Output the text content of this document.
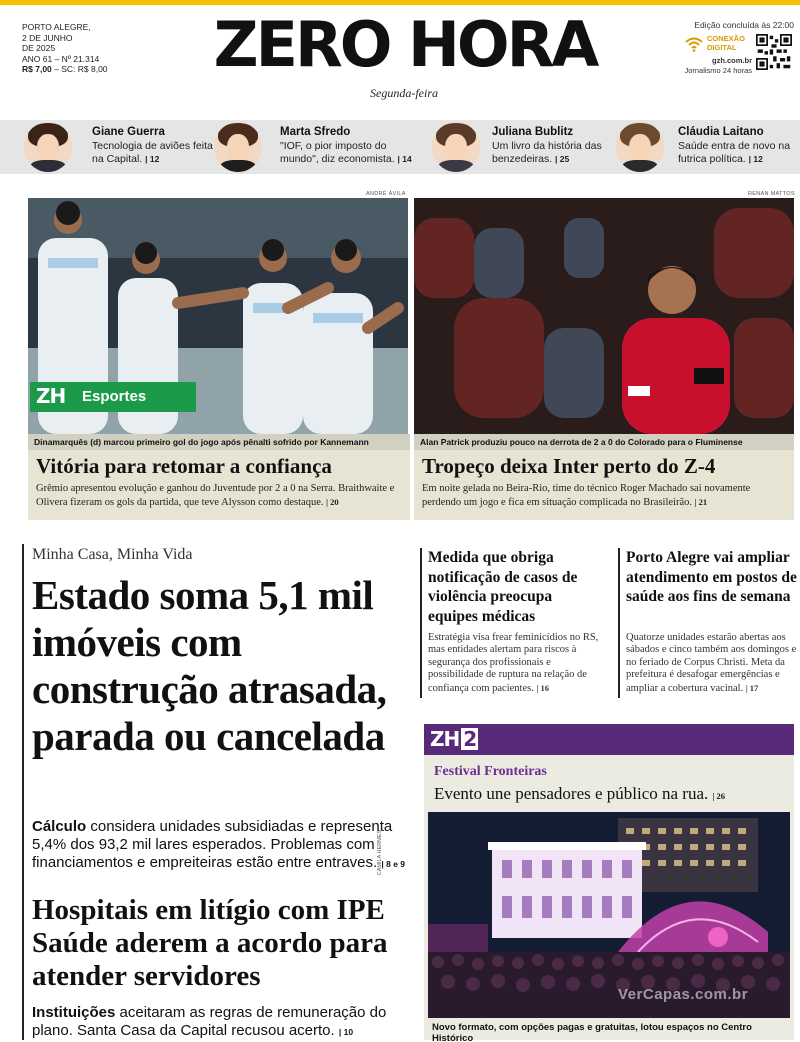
PORTO ALEGRE,
2 DE JUNHO
DE 2025
ANO 61 – Nº 21.314
R$ 7,00 – SC: R$ 8,00	ZERO HORA
Segunda-feira
Edição concluída às 22:00
CONEXÃO
DIGITAL
gzh.com.br
Jornalismo 24 horas
Giane Guerra
Tecnologia de aviões feita na Capital. | 12
Marta Sfredo
"IOF, o pior imposto do mundo", diz economista. | 14
Juliana Bublitz
Um livro da história das benzedeiras. | 25
Cláudia Laitano
Saúde entra de novo na futrica política. | 12
ANDRÉ ÁVILA	RENAN MATTOS
ZH Esportes
Dinamarquês (d) marcou primeiro gol do jogo após pênalti sofrido por Kannemann	Alan Patrick produziu pouco na derrota de 2 a 0 do Colorado para o Fluminense
Vitória para retomar a confiança
Grêmio apresentou evolução e ganhou do Juventude por 2 a 0 na Serra. Braithwaite e Olivera fizeram os gols da partida, que teve Alysson como destaque. | 20
Tropeço deixa Inter perto do Z-4
Em noite gelada no Beira-Rio, time do técnico Roger Machado sai novamente perdendo um jogo e fica em situação complicada no Brasileirão. | 21
Minha Casa, Minha Vida
Estado soma 5,1 mil imóveis com construção atrasada, parada ou cancelada
Cálculo considera unidades subsidiadas e representa 5,4% dos 93,2 mil lares esperados. Problemas com financiamentos e empreiteiras estão entre entraves. | 8 e 9
Hospitais em litígio com IPE Saúde aderem a acordo para atender servidores
Instituições aceitaram as regras de remuneração do plano. Santa Casa da Capital recusou acerto. | 10
Medida que obriga notificação de casos de violência preocupa equipes médicas
Estratégia visa frear feminicídios no RS, mas entidades alertam para riscos à segurança dos profissionais e possibilidade de ruptura na relação de confiança com pacientes. | 16
Porto Alegre vai ampliar atendimento em postos de saúde aos fins de semana
Quatorze unidades estarão abertas aos sábados e cinco também aos domingos e no feriado de Corpus Christi. Meta da prefeitura é desafogar emergências e ampliar a cobertura vacinal. | 17
ZH 2
Festival Fronteiras
Evento une pensadores e público na rua. | 26
Novo formato, com opções pagas e gratuitas, lotou espaços no Centro Histórico
CAMILA HERMES
VerCapas.com.br
